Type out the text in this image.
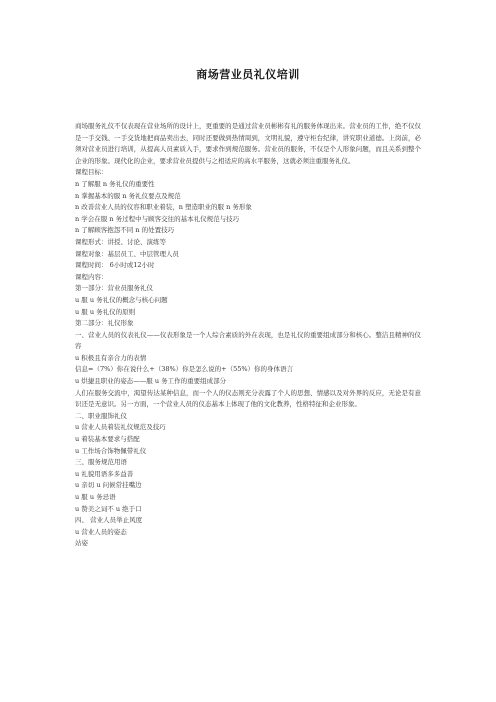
商场营业员礼仪培训

商场服务礼仪不仅表现在营业场所的设计上，更重要的是通过营业员彬彬有礼的服务体现出来。营业员的工作，绝不仅仅是一手交钱、一手交货地把商品卖出去，同时还要做到热情周到，文明礼貌，遵守柜台纪律，讲究职业道德。上岗前，必须对营业员进行培训，从提高人员素质入手，要求作到规范服务。营业员的服务，不仅是个人形象问题，而且关系到整个企业的形象。现代化的企业，要求营业员提供与之相适应的高水平服务，这就必须注重服务礼仪。

课程目标：
n 了解服 n 务礼仪的重要性
n 掌握基本的服 n 务礼仪要点及规范
n 改善营业人员的仪容和职业着装，n 塑造职业的服 n 务形象
n 学会在服 n 务过程中与顾客交往的基本礼仪规范与技巧
n 了解顾客抱怨不同 n 的处置技巧
课程形式：讲授、讨论、演练等
课程对象：基层员工、中层管理人员
课程时间： 6小时或12小时
课程内容：
第一部分：营业员服务礼仪
u 服 u 务礼仪的概念与核心问题
u 服 u 务礼仪的原则
第二部分：礼仪形象

一、营业人员的仪表礼仪——仪表形象是一个人综合素质的外在表现，也是礼仪的重要组成部分和核心。整洁且精神的仪容

u 积极且有亲合力的表情
信息=（7%）你在说什么+（38%）你是怎么说的+（55%）你的身体语言
u 烘捷且职业的姿态——服 u 务工作的重要组成部分

人们在服务交流中，渴望传达某种信息，而一个人的仪态则充分表露了个人的思想、情感以及对外界的反应，无论是有意识还是无意识。另一方面，一个营业人员的仪态基本上体现了他的文化教养，性格特征和企业形象。

二、职业服饰礼仪
u 营业人员着装礼仪规范及技巧
u 着装基本要求与搭配
u 工作场合饰物佩带礼仪
三、服务规范用语
u 礼貌用语多多益善
u 亲切 u 问候常挂嘴边
u 服 u 务忌语
u 赞美之词不 u 绝于口
四、 营业人员举止风度
u 营业人员的姿态
站姿
